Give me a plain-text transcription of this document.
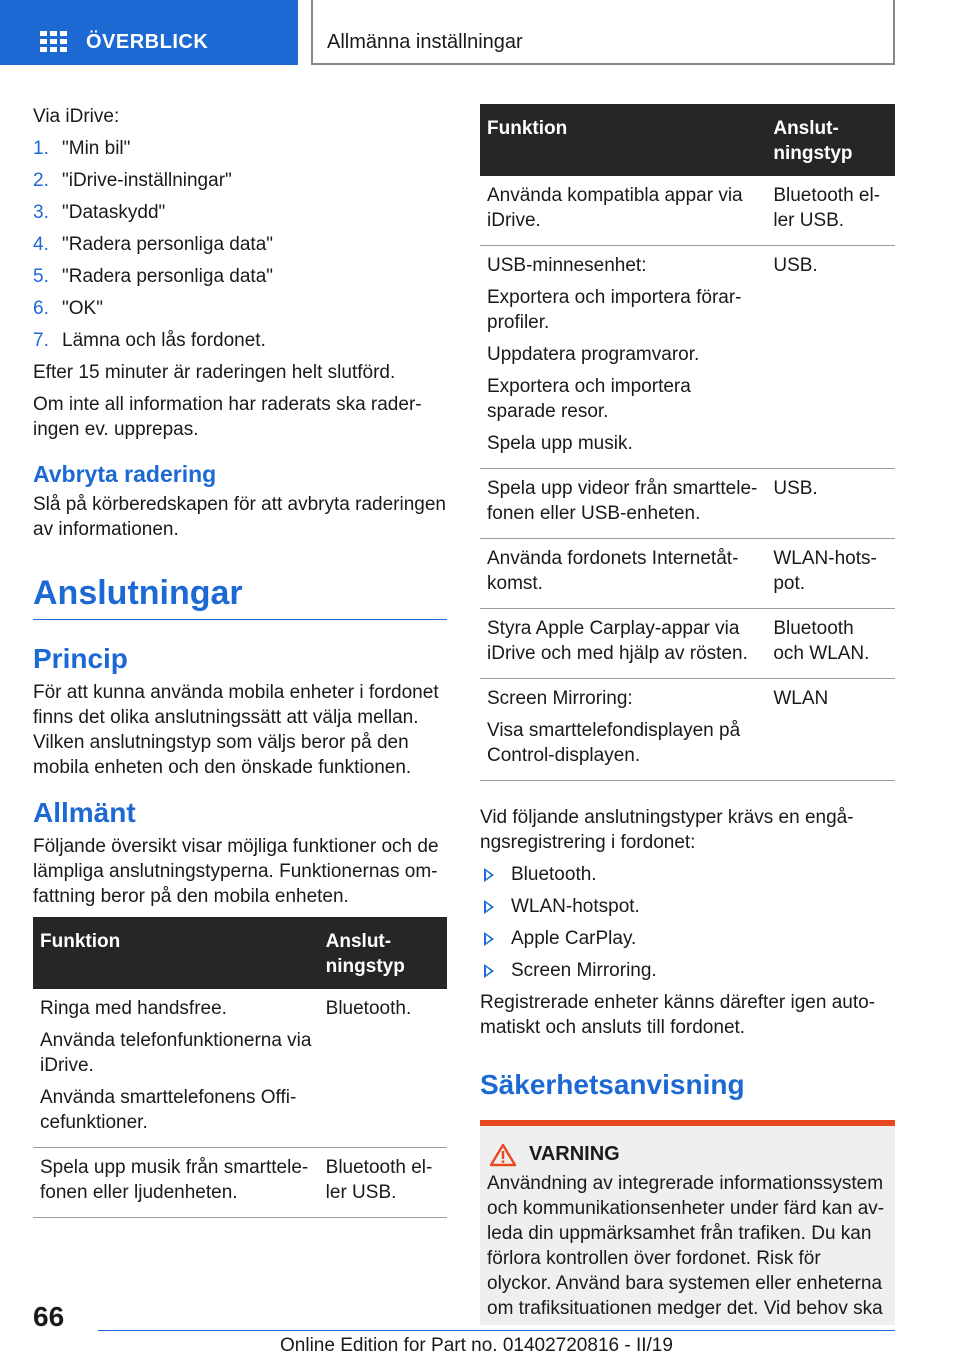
ÖVERBLICK	Allmänna inställningar

Via iDrive:

1. "Min bil"
2. "iDrive-inställningar"
3. "Dataskydd"
4. "Radera personliga data"
5. "Radera personliga data"
6. "OK"
7. Lämna och lås fordonet.

Efter 15 minuter är raderingen helt slutförd.

Om inte all information har raderats ska raderingen ev. upprepas.

Avbryta radering

Slå på körberedskapen för att avbryta raderingen av informationen.

Anslutningar
Princip

För att kunna använda mobila enheter i fordonet finns det olika anslutningssätt att välja mellan. Vilken anslutningstyp som väljs beror på den mobila enheten och den önskade funktionen.

Allmänt

Följande översikt visar möjliga funktioner och de lämpliga anslutningstyperna. Funktionernas omfattning beror på den mobila enheten.

Funktion	Anslutningstyp

Ringa med handsfree.
Använda telefonfunktionerna via iDrive.
Använda smarttelefonens Officefunktioner.	Bluetooth.

Spela upp musik från smarttelefonen eller ljudenheten.	Bluetooth eller USB.
Funktion	Anslutningstyp

Använda kompatibla appar via iDrive.	Bluetooth eller USB.

USB-minnesenhet:
Exportera och importera förarprofiler.
Uppdatera programvaror.
Exportera och importera sparade resor.
Spela upp musik.	USB.

Spela upp videor från smarttelefonen eller USB-enheten.	USB.

Använda fordonets Internetåtkomst.	WLAN-hotspot.

Styra Apple Carplay-appar via iDrive och med hjälp av rösten.	Bluetooth och WLAN.

Screen Mirroring:
Visa smarttelefondisplayen på Control-displayen.	WLAN

Vid följande anslutningstyper krävs en engångsregistrering i fordonet:

Bluetooth.
WLAN-hotspot.
Apple CarPlay.
Screen Mirroring.

Registrerade enheter känns därefter igen automatiskt och ansluts till fordonet.

Säkerhetsanvisning
VARNING

Användning av integrerade informationssystem och kommunikationsenheter under färd kan avleda din uppmärksamhet från trafiken. Du kan förlora kontrollen över fordonet. Risk för olyckor. Använd bara systemen eller enheterna om trafiksituationen medger det. Vid behov ska

66
Online Edition for Part no. 01402720816 - II/19
